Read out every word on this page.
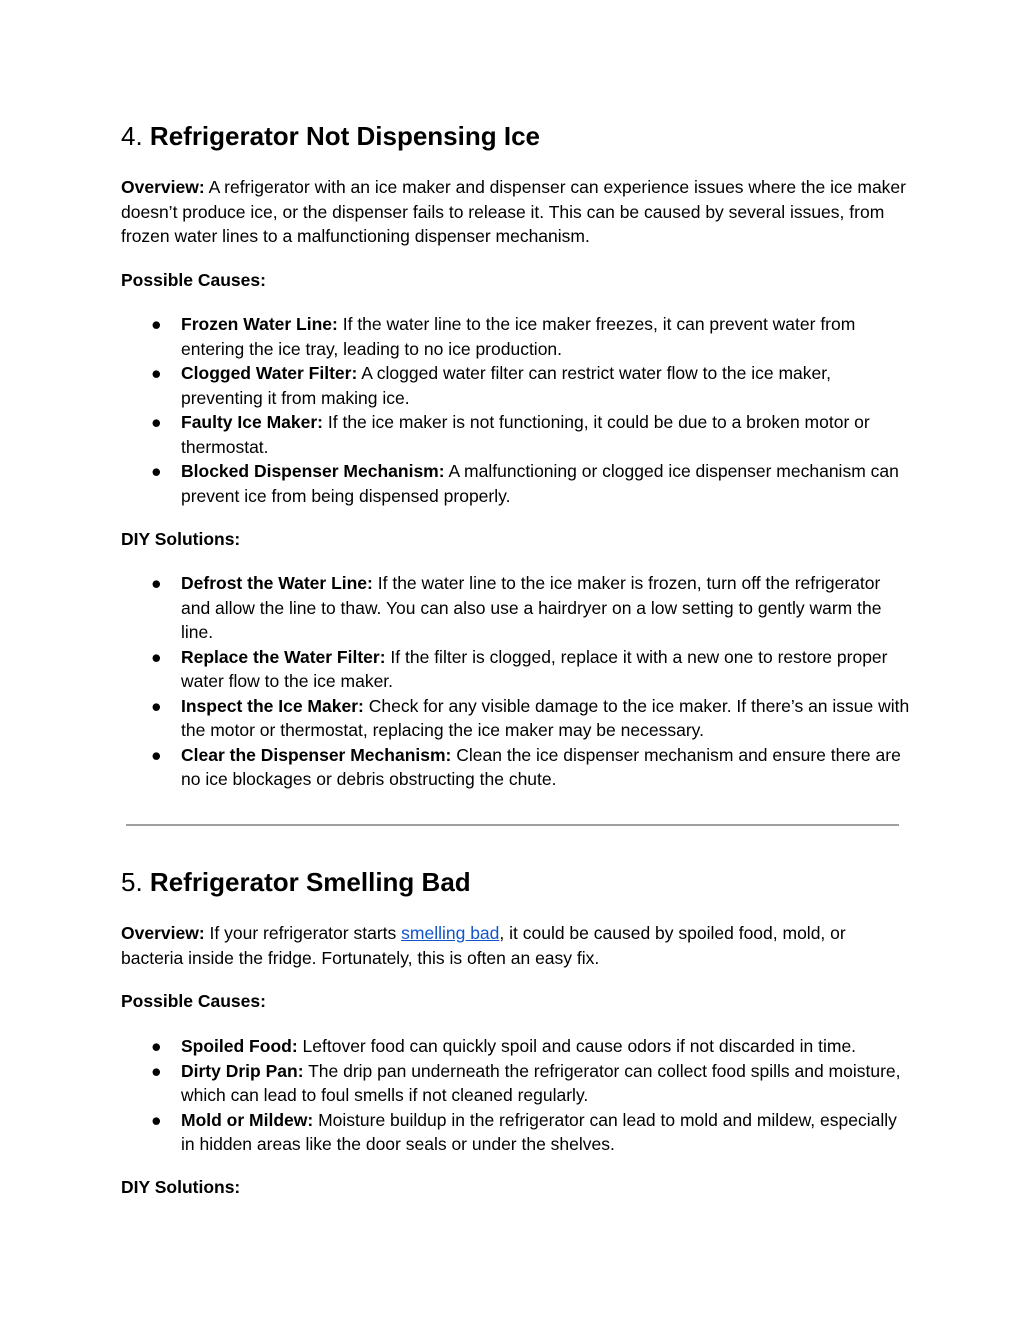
4. Refrigerator Not Dispensing Ice

Overview: A refrigerator with an ice maker and dispenser can experience issues where the ice maker doesn’t produce ice, or the dispenser fails to release it. This can be caused by several issues, from frozen water lines to a malfunctioning dispenser mechanism.

Possible Causes:

● Frozen Water Line: If the water line to the ice maker freezes, it can prevent water from entering the ice tray, leading to no ice production.
● Clogged Water Filter: A clogged water filter can restrict water flow to the ice maker, preventing it from making ice.
● Faulty Ice Maker: If the ice maker is not functioning, it could be due to a broken motor or thermostat.
● Blocked Dispenser Mechanism: A malfunctioning or clogged ice dispenser mechanism can prevent ice from being dispensed properly.

DIY Solutions:

● Defrost the Water Line: If the water line to the ice maker is frozen, turn off the refrigerator and allow the line to thaw. You can also use a hairdryer on a low setting to gently warm the line.
● Replace the Water Filter: If the filter is clogged, replace it with a new one to restore proper water flow to the ice maker.
● Inspect the Ice Maker: Check for any visible damage to the ice maker. If there’s an issue with the motor or thermostat, replacing the ice maker may be necessary.
● Clear the Dispenser Mechanism: Clean the ice dispenser mechanism and ensure there are no ice blockages or debris obstructing the chute.
5. Refrigerator Smelling Bad

Overview: If your refrigerator starts smelling bad, it could be caused by spoiled food, mold, or bacteria inside the fridge. Fortunately, this is often an easy fix.

Possible Causes:

● Spoiled Food: Leftover food can quickly spoil and cause odors if not discarded in time.
● Dirty Drip Pan: The drip pan underneath the refrigerator can collect food spills and moisture, which can lead to foul smells if not cleaned regularly.
● Mold or Mildew: Moisture buildup in the refrigerator can lead to mold and mildew, especially in hidden areas like the door seals or under the shelves.

DIY Solutions:
